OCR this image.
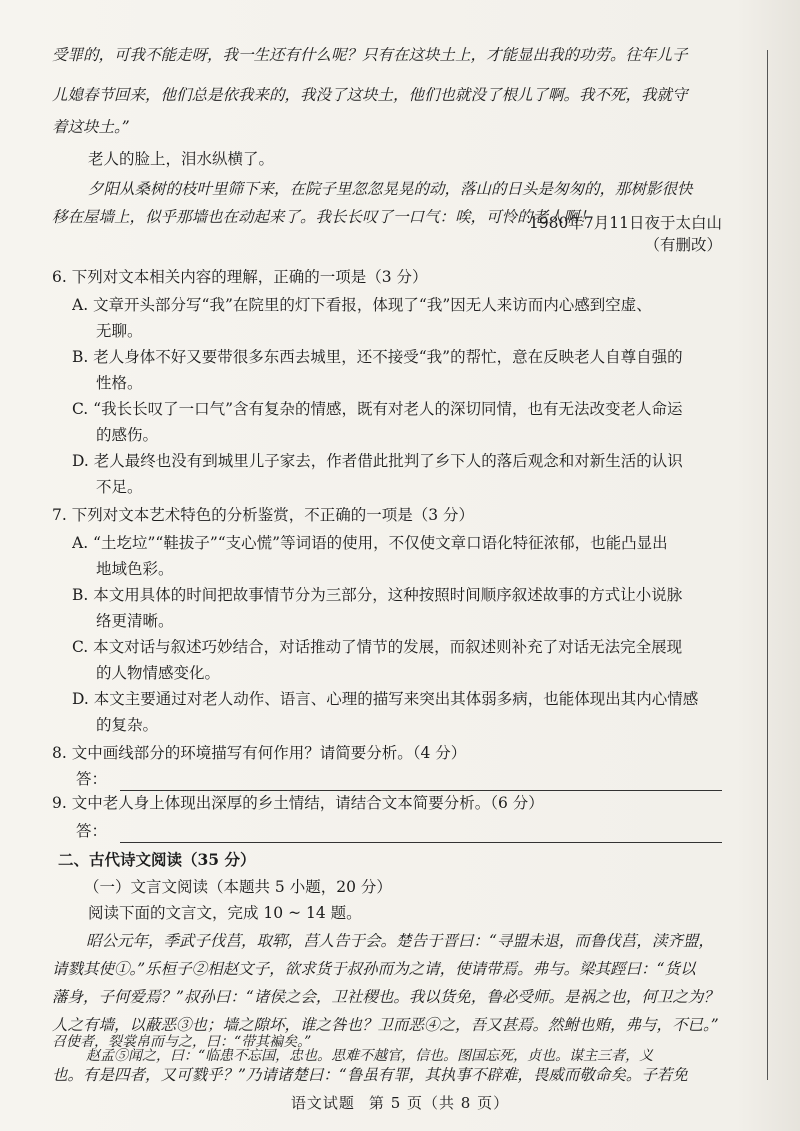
受罪的，可我不能走呀，我一生还有什么呢？只有在这块土上，才能显出我的功劳。往年儿子
儿媳春节回来，他们总是依我来的，我没了这块土，他们也就没了根儿了啊。我不死，我就守
着这块土。”
老人的脸上，泪水纵横了。
夕阳从桑树的枝叶里筛下来，在院子里忽忽晃晃的动，落山的日头是匆匆的，那树影很快
移在屋墙上，似乎那墙也在动起来了。我长长叹了一口气：唉，可怜的老人啊！
1980年7月11日夜于太白山
（有删改）
6. 下列对文本相关内容的理解，正确的一项是（3 分）
A. 文章开头部分写“我”在院里的灯下看报，体现了“我”因无人来访而内心感到空虚、
无聊。
B. 老人身体不好又要带很多东西去城里，还不接受“我”的帮忙，意在反映老人自尊自强的
性格。
C. “我长长叹了一口气”含有复杂的情感，既有对老人的深切同情，也有无法改变老人命运
的感伤。
D. 老人最终也没有到城里儿子家去，作者借此批判了乡下人的落后观念和对新生活的认识
不足。
7. 下列对文本艺术特色的分析鉴赏，不正确的一项是（3 分）
A. “土圪垃”“鞋拔子”“支心慌”等词语的使用，不仅使文章口语化特征浓郁，也能凸显出
地域色彩。
B. 本文用具体的时间把故事情节分为三部分，这种按照时间顺序叙述故事的方式让小说脉
络更清晰。
C. 本文对话与叙述巧妙结合，对话推动了情节的发展，而叙述则补充了对话无法完全展现
的人物情感变化。
D. 本文主要通过对老人动作、语言、心理的描写来突出其体弱多病，也能体现出其内心情感
的复杂。
8. 文中画线部分的环境描写有何作用？请简要分析。（4 分）
答：
9. 文中老人身上体现出深厚的乡土情结，请结合文本简要分析。（6 分）
答：
二、古代诗文阅读（35 分）
（一）文言文阅读（本题共 5 小题，20 分）
阅读下面的文言文，完成 10 ~ 14 题。
昭公元年，季武子伐莒，取郓，莒人告于会。楚告于晋曰：“寻盟未退，而鲁伐莒，渎齐盟，
请戮其使①。”乐桓子②相赵文子，欲求货于叔孙而为之请，使请带焉。弗与。梁其踁曰：“货以
藩身，子何爱焉？”叔孙曰：“诸侯之会，卫社稷也。我以货免，鲁必受师。是祸之也，何卫之为？
人之有墙，以蔽恶③也；墙之隙坏，谁之咎也？卫而恶④之，吾又甚焉。然鲋也贿，弗与，不已。”
召使者，裂裳帛而与之，曰：“带其褊矣。”
赵孟⑤闻之，曰：“临患不忘国，忠也。思难不越官，信也。图国忘死，贞也。谋主三者，义
也。有是四者，又可戮乎？”乃请诸楚曰：“鲁虽有罪，其执事不辟难，畏威而敬命矣。子若免
语文试题 第 5 页（共 8 页）
